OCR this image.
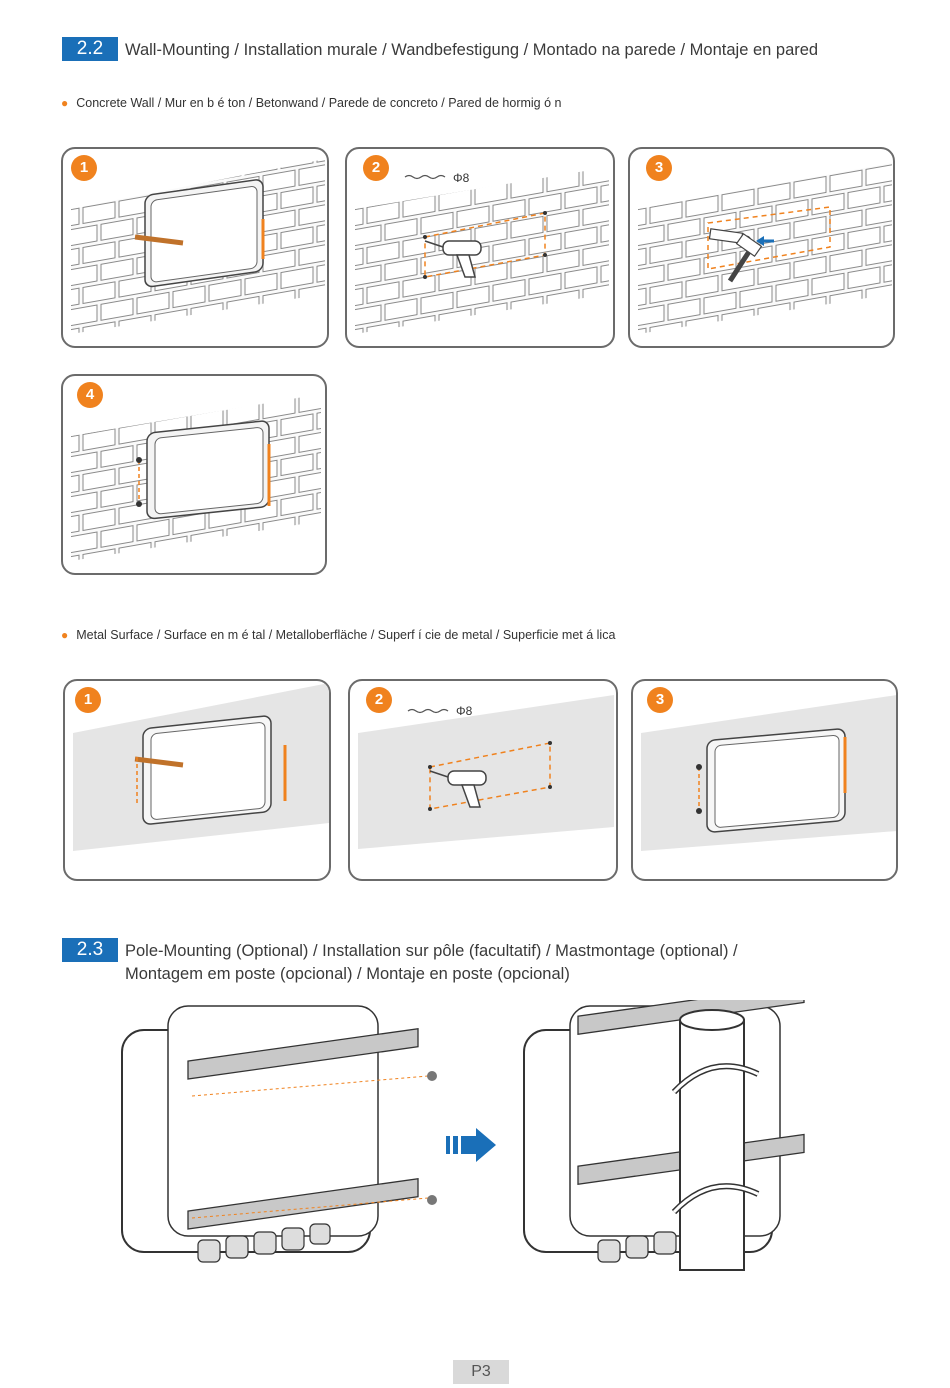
2.2	Wall-Mounting / Installation murale / Wandbefestigung / Montado na parede / Montaje en pared
● Concrete Wall / Mur en b é ton / Betonwand / Parede de concreto / Pared de hormig ó n
1	2
Φ8
3
4
● Metal Surface / Surface en m é tal / Metalloberfläche / Superf í cie de metal / Superficie met á lica
1	2
Φ8
3
2.3	Pole-Mounting (Optional) / Installation sur pôle (facultatif) / Mastmontage (optional) /
Montagem em poste (opcional) / Montaje en poste (opcional)
P3
